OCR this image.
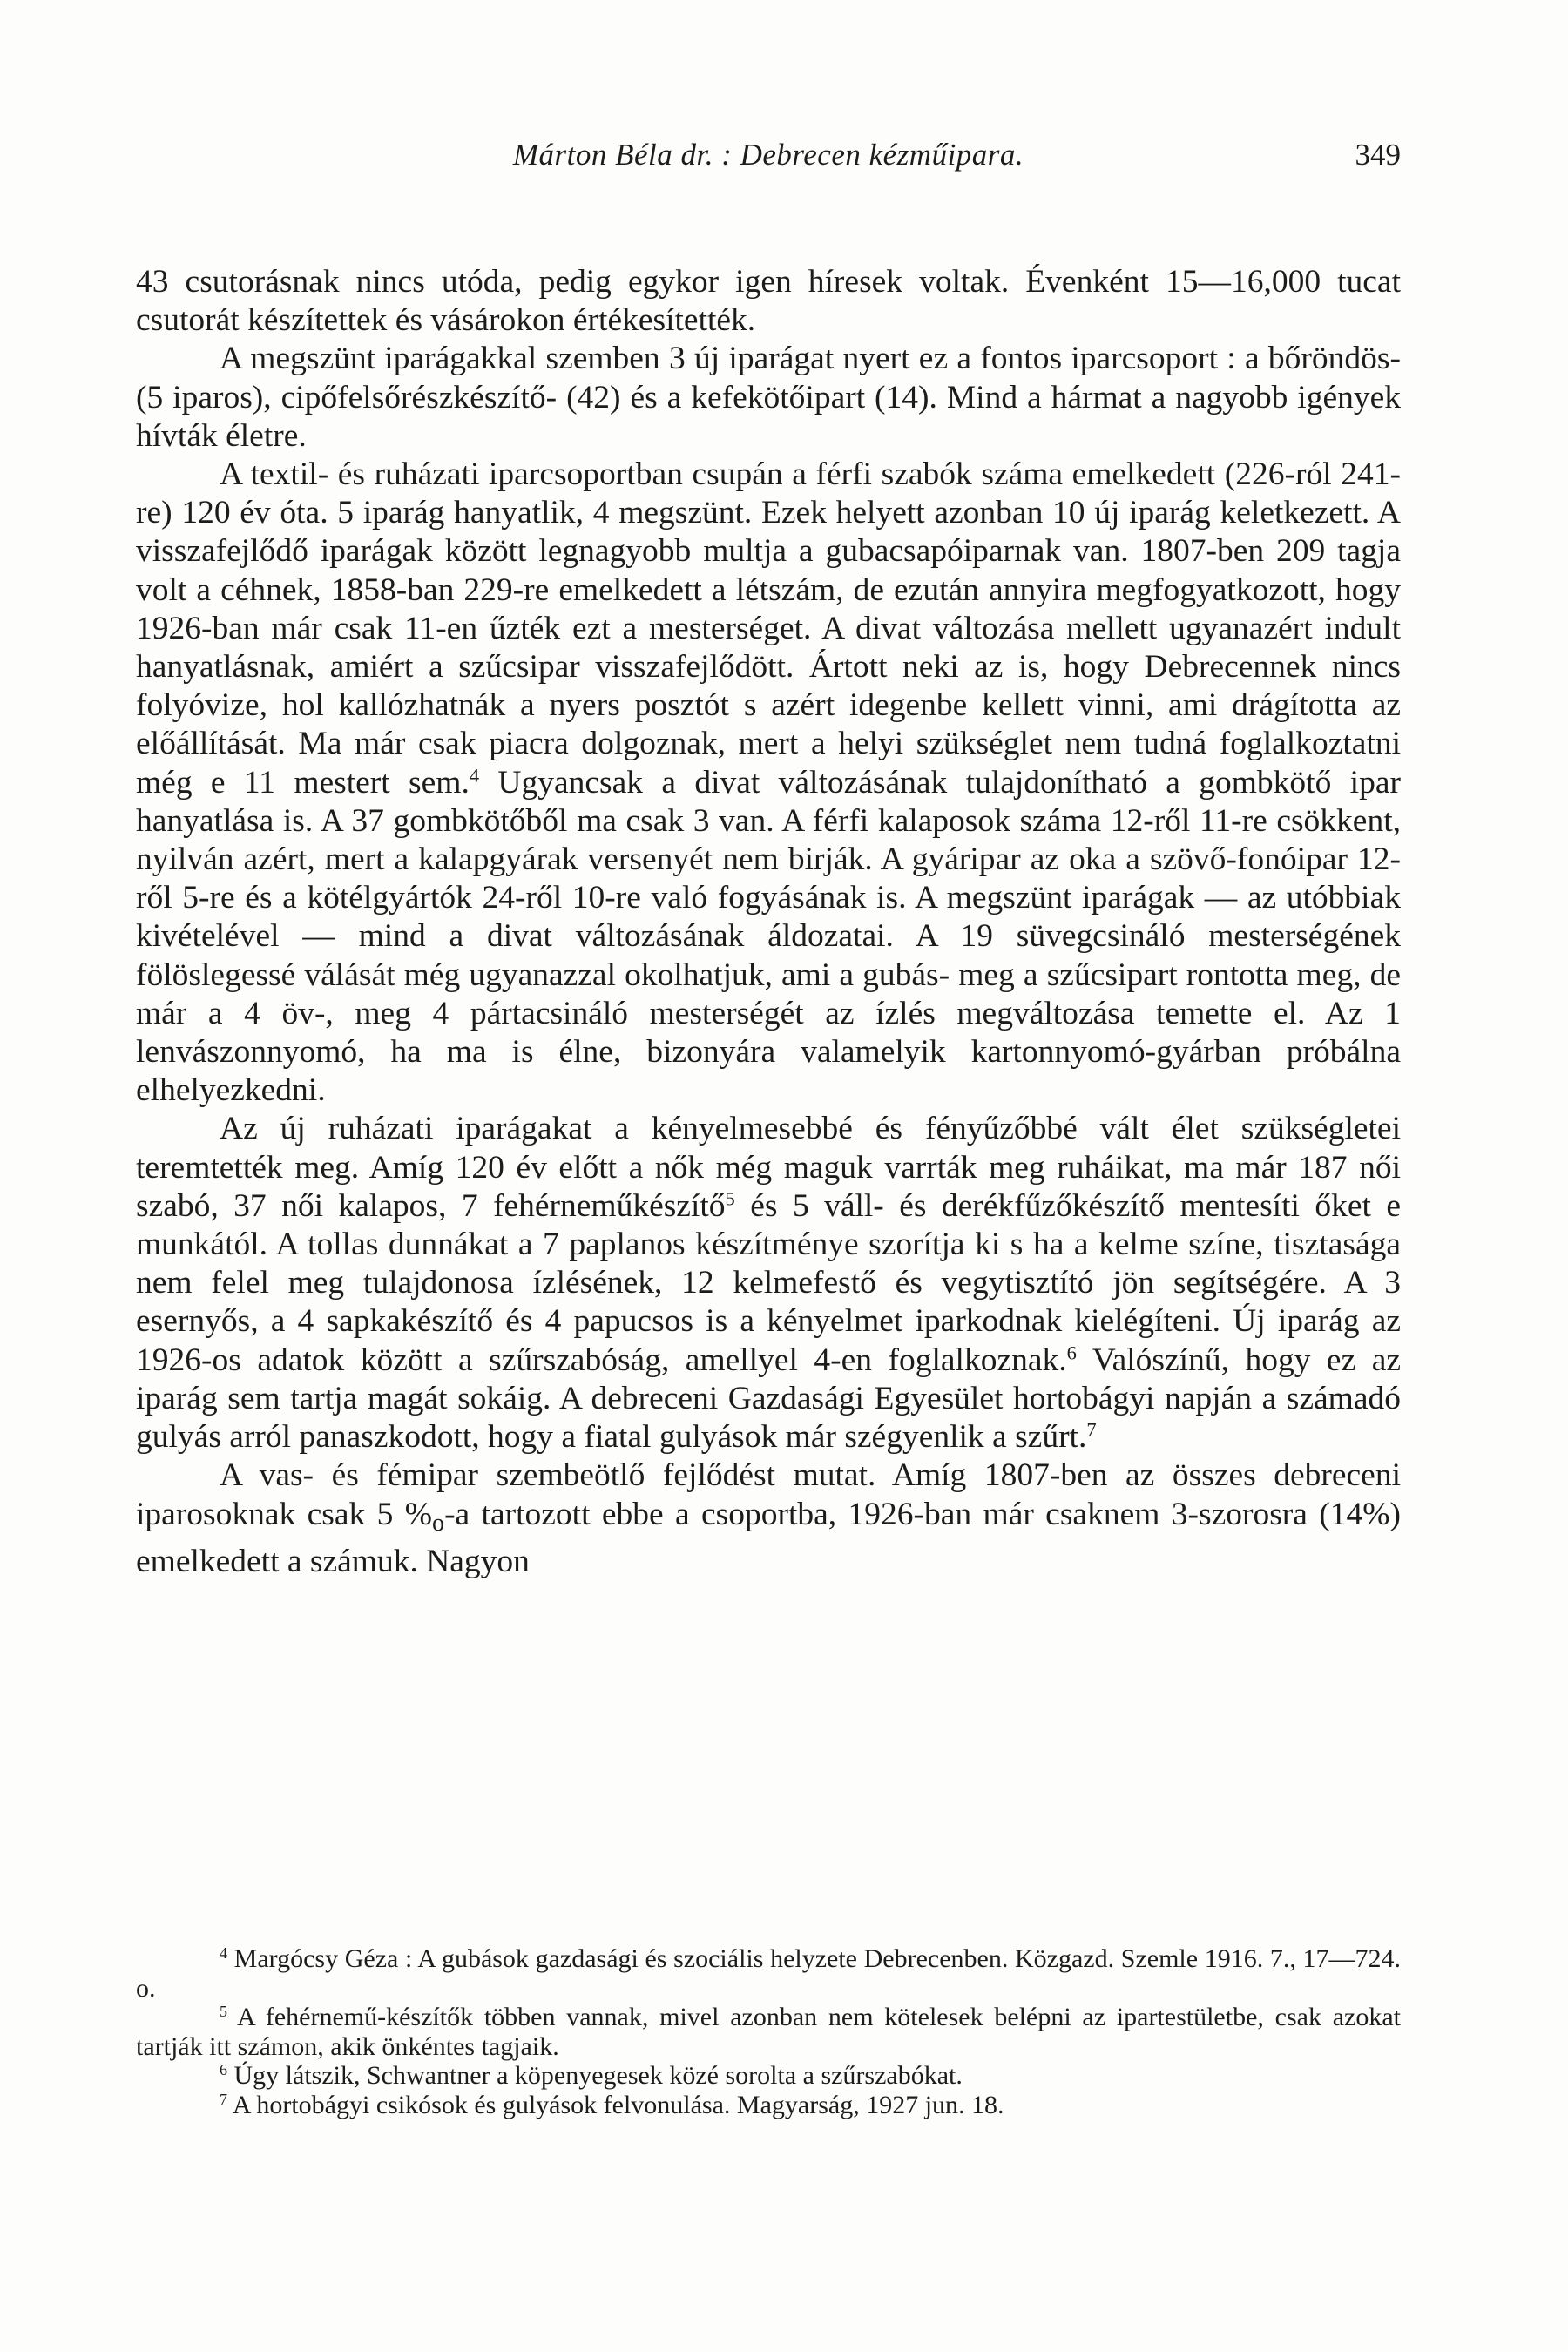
Márton Béla dr. : Debrecen kézműipara.	349

43 csutorásnak nincs utóda, pedig egykor igen híresek voltak. Évenként 15—16,000 tucat csutorát készítettek és vásárokon értékesítették.

A megszünt iparágakkal szemben 3 új iparágat nyert ez a fontos iparcsoport : a bőröndös- (5 iparos), cipőfelsőrészkészítő- (42) és a kefekötőipart (14). Mind a hármat a nagyobb igények hívták életre.

A textil- és ruházati iparcsoportban csupán a férfi szabók száma emelkedett (226-ról 241-re) 120 év óta. 5 iparág hanyatlik, 4 megszünt. Ezek helyett azonban 10 új iparág keletkezett. A visszafejlődő iparágak között legnagyobb multja a gubacsapóiparnak van. 1807-ben 209 tagja volt a céhnek, 1858-ban 229-re emelkedett a létszám, de ezután annyira megfogyatkozott, hogy 1926-ban már csak 11-en űzték ezt a mesterséget. A divat változása mellett ugyanazért indult hanyatlásnak, amiért a szűcsipar visszafejlődött. Ártott neki az is, hogy Debrecennek nincs folyóvize, hol kallózhatnák a nyers posztót s azért idegenbe kellett vinni, ami drágította az előállítását. Ma már csak piacra dolgoznak, mert a helyi szükséglet nem tudná foglalkoztatni még e 11 mestert sem.$^4$ Ugyancsak a divat változásának tulajdonítható a gombkötő ipar hanyatlása is. A 37 gombkötőből ma csak 3 van. A férfi kalaposok száma 12-ről 11-re csökkent, nyilván azért, mert a kalapgyárak versenyét nem birják. A gyáripar az oka a szövő-fonóipar 12-ről 5-re és a kötélgyártók 24-ről 10-re való fogyásának is. A megszünt iparágak — az utóbbiak kivételével — mind a divat változásának áldozatai. A 19 süvegcsináló mesterségének fölöslegessé válását még ugyanazzal okolhatjuk, ami a gubás- meg a szűcsipart rontotta meg, de már a 4 öv-, meg 4 pártacsináló mesterségét az ízlés megváltozása temette el. Az 1 lenvászonnyomó, ha ma is élne, bizonyára valamelyik kartonnyomó-gyárban próbálna elhelyezkedni.

Az új ruházati iparágakat a kényelmesebbé és fényűzőbbé vált élet szükségletei teremtették meg. Amíg 120 év előtt a nők még maguk varrták meg ruháikat, ma már 187 női szabó, 37 női kalapos, 7 fehérneműkészítő$^5$ és 5 váll- és derékfűzőkészítő mentesíti őket e munkától. A tollas dunnákat a 7 paplanos készítménye szorítja ki s ha a kelme színe, tisztasága nem felel meg tulajdonosa ízlésének, 12 kelmefestő és vegytisztító jön segítségére. A 3 esernyős, a 4 sapkakészítő és 4 papucsos is a kényelmet iparkodnak kielégíteni. Új iparág az 1926-os adatok között a szűrszabóság, amellyel 4-en foglalkoznak.$^6$ Valószínű, hogy ez az iparág sem tartja magát sokáig. A debreceni Gazdasági Egyesület hortobágyi napján a számadó gulyás arról panaszkodott, hogy a fiatal gulyások már szégyenlik a szűrt.$^7$

A vas- és fémipar szembeötlő fejlődést mutat. Amíg 1807-ben az összes debreceni iparosoknak csak 5 %o-a tartozott ebbe a csoportba, 1926-ban már csaknem 3-szorosra (14%) emelkedett a számuk. Nagyon

$^4$ Margócsy Géza : A gubások gazdasági és szociális helyzete Debrecenben. Közgazd. Szemle 1916. 7., 17—724. o.

$^5$ A fehérnemű-készítők többen vannak, mivel azonban nem kötelesek belépni az ipartestületbe, csak azokat tartják itt számon, akik önkéntes tagjaik.

$^6$ Úgy látszik, Schwantner a köpenyegesek közé sorolta a szűrszabókat.

$^7$ A hortobágyi csikósok és gulyások felvonulása. Magyarság, 1927 jun. 18.
